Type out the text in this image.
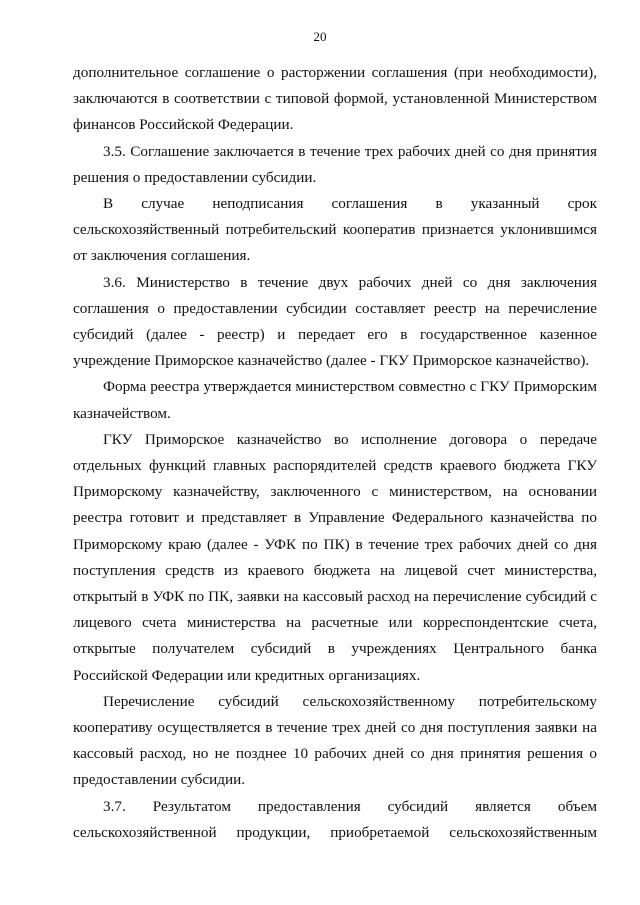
20

дополнительное соглашение о расторжении соглашения (при необходимости), заключаются в соответствии с типовой формой, установленной Министерством финансов Российской Федерации.

3.5. Соглашение заключается в течение трех рабочих дней со дня принятия решения о предоставлении субсидии.

В случае неподписания соглашения в указанный срок сельскохозяйственный потребительский кооператив признается уклонившимся от заключения соглашения.

3.6. Министерство в течение двух рабочих дней со дня заключения соглашения о предоставлении субсидии составляет реестр на перечисление субсидий (далее - реестр) и передает его в государственное казенное учреждение Приморское казначейство (далее - ГКУ Приморское казначейство).

Форма реестра утверждается министерством совместно с ГКУ Приморским казначейством.

ГКУ Приморское казначейство во исполнение договора о передаче отдельных функций главных распорядителей средств краевого бюджета ГКУ Приморскому казначейству, заключенного с министерством, на основании реестра готовит и представляет в Управление Федерального казначейства по Приморскому краю (далее - УФК по ПК) в течение трех рабочих дней со дня поступления средств из краевого бюджета на лицевой счет министерства, открытый в УФК по ПК, заявки на кассовый расход на перечисление субсидий с лицевого счета министерства на расчетные или корреспондентские счета, открытые получателем субсидий в учреждениях Центрального банка Российской Федерации или кредитных организациях.

Перечисление субсидий сельскохозяйственному потребительскому кооперативу осуществляется в течение трех дней со дня поступления заявки на кассовый расход, но не позднее 10 рабочих дней со дня принятия решения о предоставлении субсидии.

3.7. Результатом предоставления субсидий является объем сельскохозяйственной продукции, приобретаемой сельскохозяйственным
